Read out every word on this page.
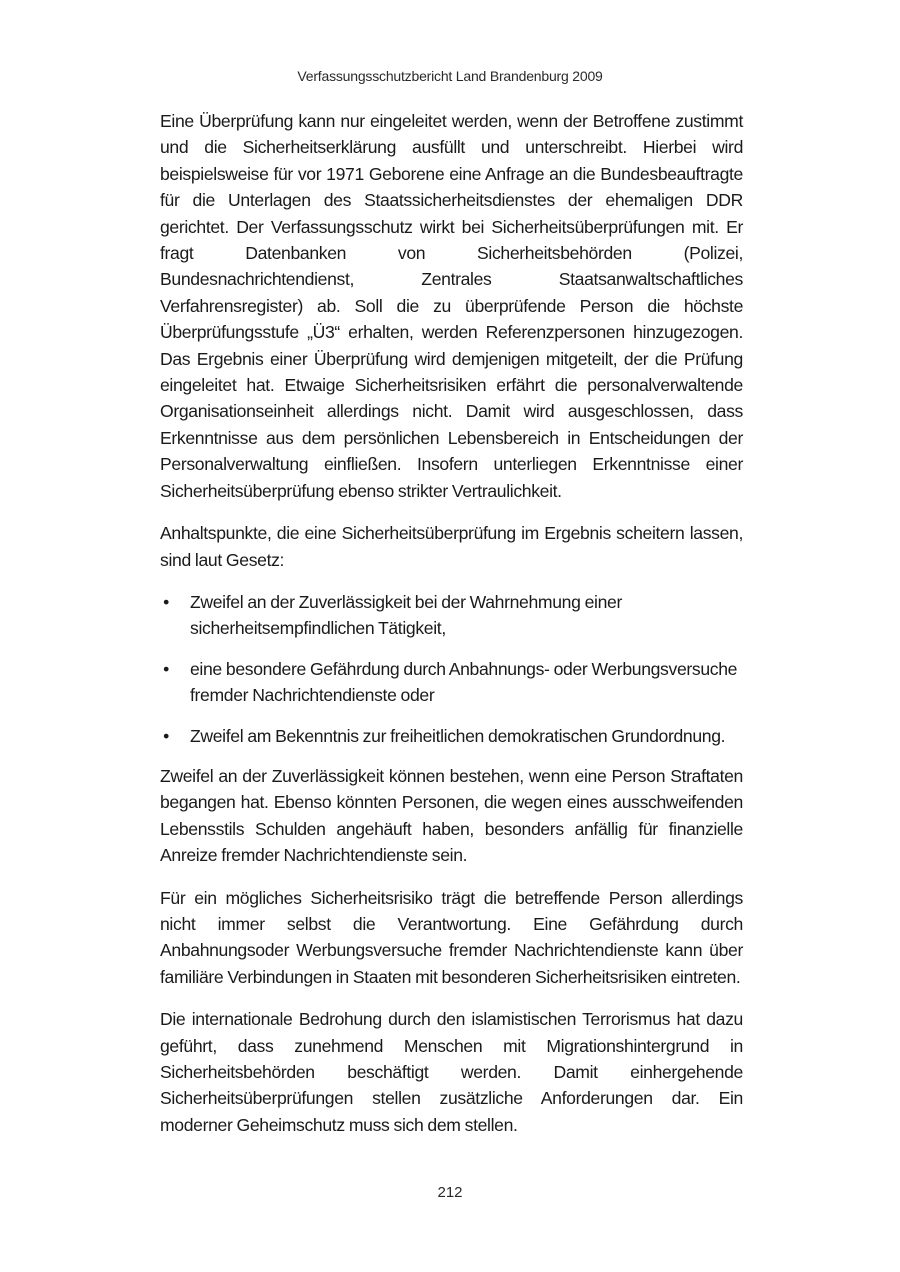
Verfassungsschutzbericht Land Brandenburg 2009

Eine Überprüfung kann nur eingeleitet werden, wenn der Betroffene zustimmt und die Sicherheitserklärung ausfüllt und unterschreibt. Hierbei wird beispielsweise für vor 1971 Geborene eine Anfrage an die Bundesbeauftragte für die Unterlagen des Staatssicherheitsdienstes der ehemaligen DDR gerichtet. Der Verfassungsschutz wirkt bei Sicherheitsüberprüfungen mit. Er fragt Datenbanken von Sicherheitsbehörden (Polizei, Bundesnachrichtendienst, Zentrales Staatsanwaltschaftliches Verfahrensregister) ab. Soll die zu überprüfende Person die höchste Überprüfungsstufe „Ü3“ erhalten, werden Referenzpersonen hinzugezogen. Das Ergebnis einer Überprüfung wird demjenigen mitgeteilt, der die Prüfung eingeleitet hat. Etwaige Sicherheitsrisiken erfährt die personalverwaltende Organisationseinheit allerdings nicht. Damit wird ausgeschlossen, dass Erkenntnisse aus dem persönlichen Lebensbereich in Entscheidungen der Personalverwaltung einfließen. Insofern unterliegen Erkenntnisse einer Sicherheitsüberprüfung ebenso strikter Vertraulichkeit.

Anhaltspunkte, die eine Sicherheitsüberprüfung im Ergebnis scheitern lassen, sind laut Gesetz:

• Zweifel an der Zuverlässigkeit bei der Wahrnehmung einer sicherheitsempfindlichen Tätigkeit,
• eine besondere Gefährdung durch Anbahnungs- oder Werbungsversuche fremder Nachrichtendienste oder
• Zweifel am Bekenntnis zur freiheitlichen demokratischen Grundordnung.

Zweifel an der Zuverlässigkeit können bestehen, wenn eine Person Straftaten begangen hat. Ebenso könnten Personen, die wegen eines ausschweifenden Lebensstils Schulden angehäuft haben, besonders anfällig für finanzielle Anreize fremder Nachrichtendienste sein.

Für ein mögliches Sicherheitsrisiko trägt die betreffende Person allerdings nicht immer selbst die Verantwortung. Eine Gefährdung durch Anbahnungsoder Werbungsversuche fremder Nachrichtendienste kann über familiäre Verbindungen in Staaten mit besonderen Sicherheitsrisiken eintreten.

Die internationale Bedrohung durch den islamistischen Terrorismus hat dazu geführt, dass zunehmend Menschen mit Migrationshintergrund in Sicherheitsbehörden beschäftigt werden. Damit einhergehende Sicherheitsüberprüfungen stellen zusätzliche Anforderungen dar. Ein moderner Geheimschutz muss sich dem stellen.

212
